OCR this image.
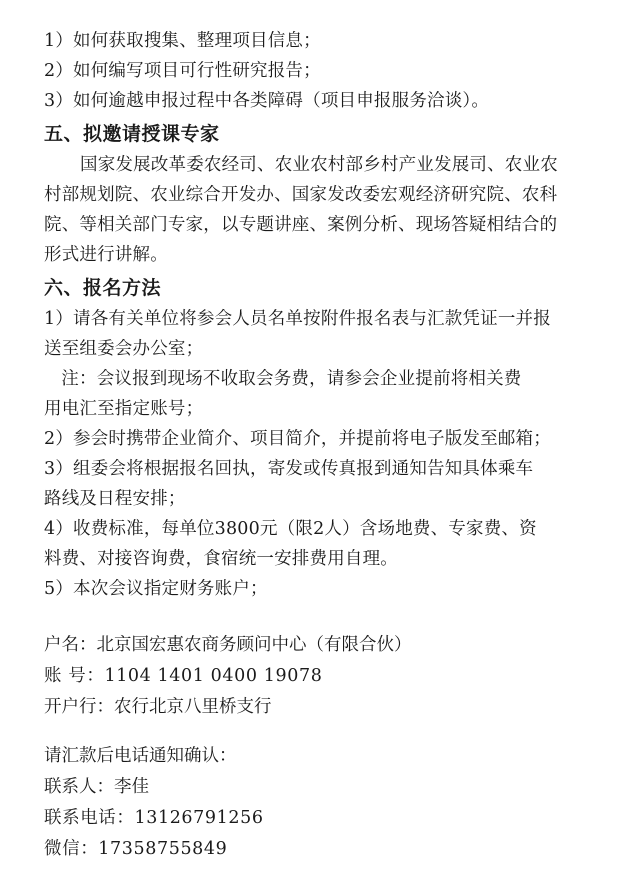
1）如何获取搜集、整理项目信息；
2）如何编写项目可行性研究报告；
3）如何逾越申报过程中各类障碍（项目申报服务洽谈）。
五、拟邀请授课专家
国家发展改革委农经司、农业农村部乡村产业发展司、农业农
村部规划院、农业综合开发办、国家发改委宏观经济研究院、农科
院、等相关部门专家，以专题讲座、案例分析、现场答疑相结合的
形式进行讲解。
六、报名方法
1）请各有关单位将参会人员名单按附件报名表与汇款凭证一并报
送至组委会办公室；
注：会议报到现场不收取会务费，请参会企业提前将相关费
用电汇至指定账号；
2）参会时携带企业简介、项目简介，并提前将电子版发至邮箱；
3）组委会将根据报名回执，寄发或传真报到通知告知具体乘车
路线及日程安排；
4）收费标准，每单位3800元（限2人）含场地费、专家费、资
料费、对接咨询费，食宿统一安排费用自理。
5）本次会议指定财务账户；
户名：北京国宏惠农商务顾问中心（有限合伙）
账 号：1104 1401 0400 19078
开户行：农行北京八里桥支行
请汇款后电话通知确认：
联系人：李佳
联系电话：13126791256
微信：17358755849
